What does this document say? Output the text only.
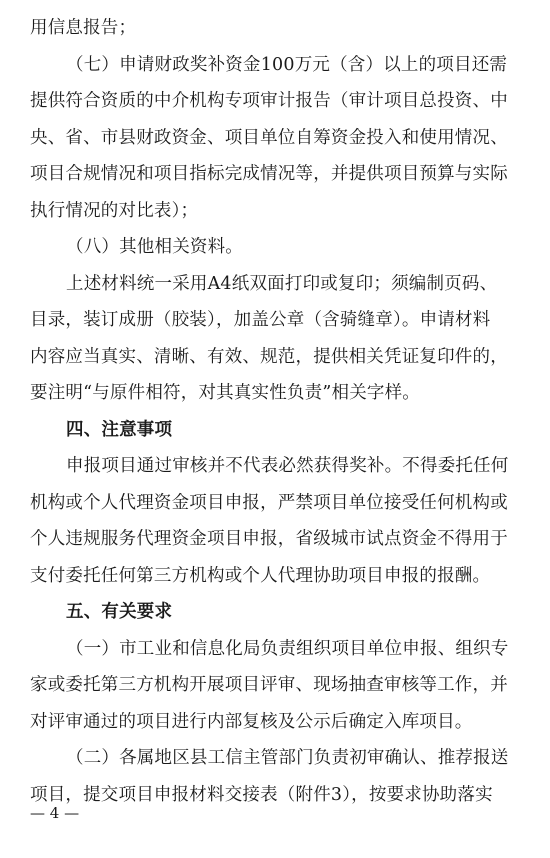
用信息报告；
（七）申请财政奖补资金100万元（含）以上的项目还需
提供符合资质的中介机构专项审计报告（审计项目总投资、中
央、省、市县财政资金、项目单位自筹资金投入和使用情况、
项目合规情况和项目指标完成情况等，并提供项目预算与实际
执行情况的对比表）；
（八）其他相关资料。
上述材料统一采用A4纸双面打印或复印；须编制页码、
目录，装订成册（胶装），加盖公章（含骑缝章）。申请材料
内容应当真实、清晰、有效、规范，提供相关凭证复印件的，
要注明“与原件相符，对其真实性负责”相关字样。
四、注意事项
申报项目通过审核并不代表必然获得奖补。不得委托任何
机构或个人代理资金项目申报，严禁项目单位接受任何机构或
个人违规服务代理资金项目申报，省级城市试点资金不得用于
支付委托任何第三方机构或个人代理协助项目申报的报酬。
五、有关要求
（一）市工业和信息化局负责组织项目单位申报、组织专
家或委托第三方机构开展项目评审、现场抽查审核等工作，并
对评审通过的项目进行内部复核及公示后确定入库项目。
（二）各属地区县工信主管部门负责初审确认、推荐报送
项目，提交项目申报材料交接表（附件3），按要求协助落实
— 4 —
